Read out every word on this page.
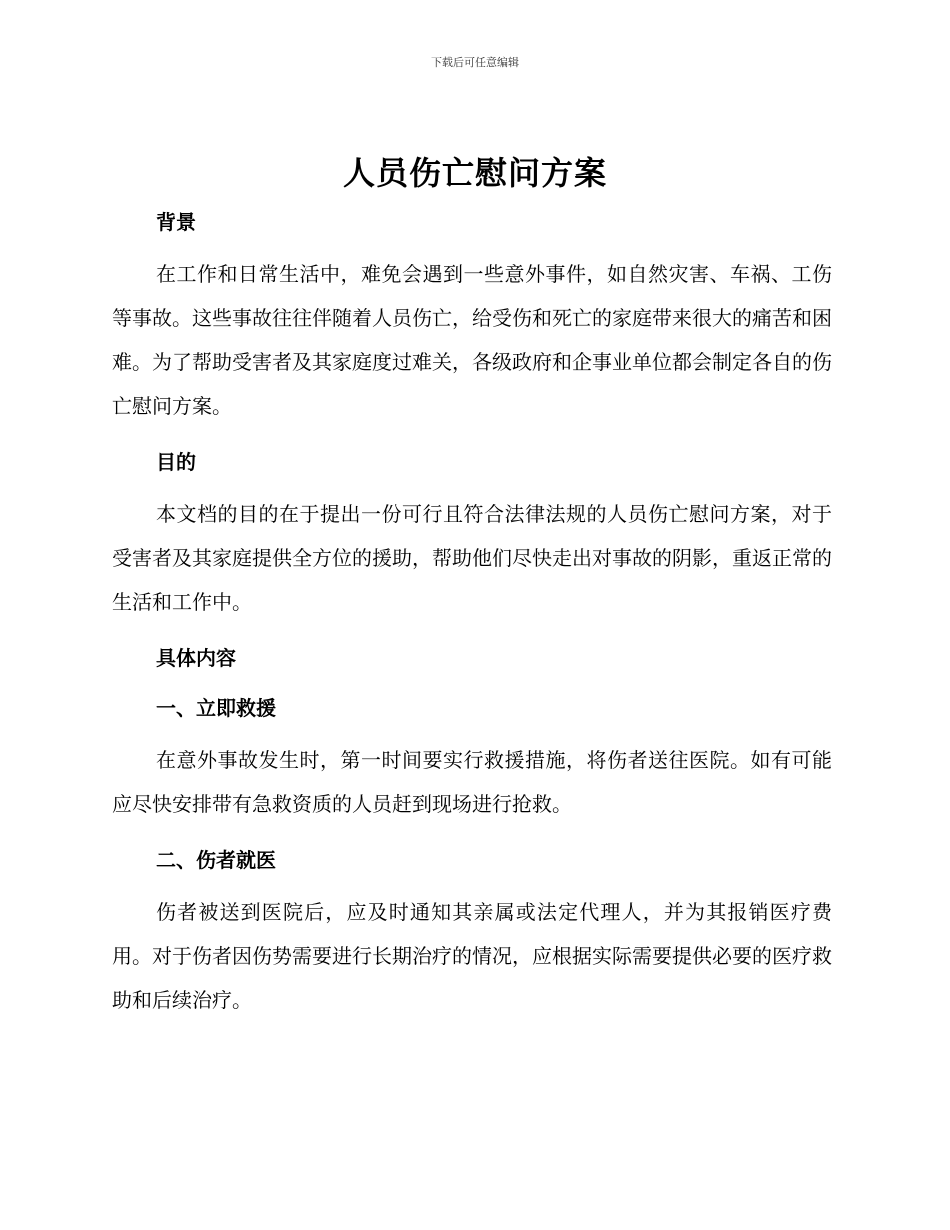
下载后可任意编辑
人员伤亡慰问方案
背景

在工作和日常生活中，难免会遇到一些意外事件，如自然灾害、车祸、工伤等事故。这些事故往往伴随着人员伤亡，给受伤和死亡的家庭带来很大的痛苦和困难。为了帮助受害者及其家庭度过难关，各级政府和企事业单位都会制定各自的伤亡慰问方案。

目的

本文档的目的在于提出一份可行且符合法律法规的人员伤亡慰问方案，对于受害者及其家庭提供全方位的援助，帮助他们尽快走出对事故的阴影，重返正常的生活和工作中。

具体内容
一、立即救援

在意外事故发生时，第一时间要实行救援措施，将伤者送往医院。如有可能应尽快安排带有急救资质的人员赶到现场进行抢救。

二、伤者就医

伤者被送到医院后，应及时通知其亲属或法定代理人，并为其报销医疗费用。对于伤者因伤势需要进行长期治疗的情况，应根据实际需要提供必要的医疗救助和后续治疗。
